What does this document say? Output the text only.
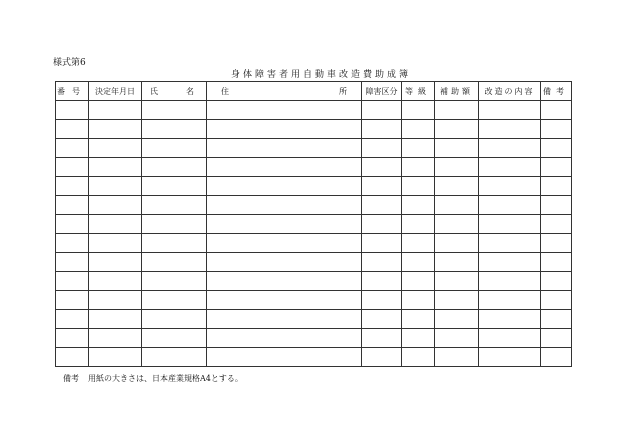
様式第6
身体障害者用自動車改造費助成簿
番号	決定年月日	氏 名	住 所	障害区分	等級	補助額	改造の内容	備考

備考 用紙の大きさは、日本産業規格A4とする。
